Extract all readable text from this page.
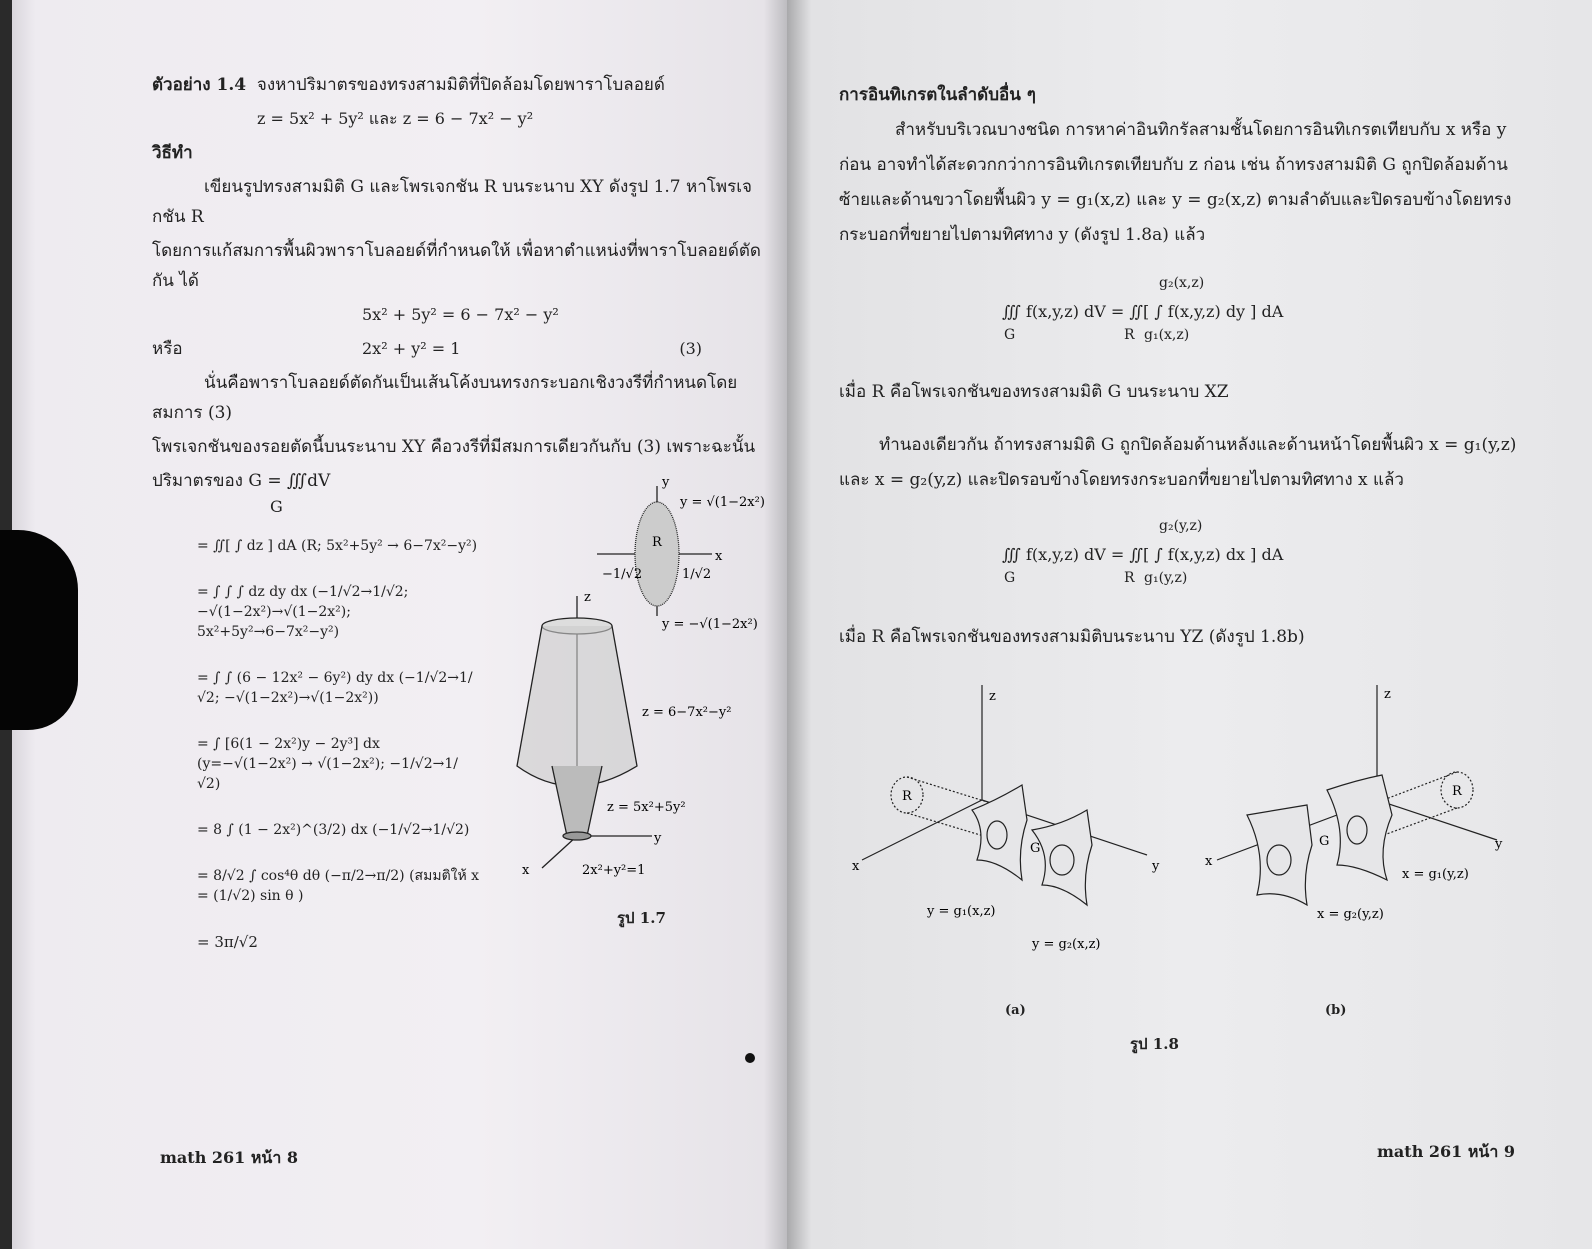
ตัวอย่าง 1.4 จงหาปริมาตรของทรงสามมิติที่ปิดล้อมโดยพาราโบลอยด์
z = 5x² + 5y² และ z = 6 − 7x² − y²
วิธีทำ
เขียนรูปทรงสามมิติ G และโพรเจกชัน R บนระนาบ XY ดังรูป 1.7 หาโพรเจกชัน R
โดยการแก้สมการพื้นผิวพาราโบลอยด์ที่กำหนดให้ เพื่อหาตำแหน่งที่พาราโบลอยด์ตัดกัน ได้
5x² + 5y² = 6 − 7x² − y²
หรือ	2x² + y² = 1	(3)
นั่นคือพาราโบลอยด์ตัดกันเป็นเส้นโค้งบนทรงกระบอกเชิงวงรีที่กำหนดโดยสมการ (3)
โพรเจกชันของรอยตัดนี้บนระนาบ XY คือวงรีที่มีสมการเดียวกันกับ (3) เพราะฉะนั้น
y
y = √(1−2x²)
x
R
−1/√2	1/√2
y = −√(1−2x²)
z
z = 6−7x²−y²
z = 5x²+5y²
y
x	2x²+y²=1
รูป 1.7
ปริมาตรของ G = ∭dV
G
= ∬[ ∫ dz ] dA (R; 5x²+5y² → 6−7x²−y²)
= ∫ ∫ ∫ dz dy dx (−1/√2→1/√2; −√(1−2x²)→√(1−2x²); 5x²+5y²→6−7x²−y²)
= ∫ ∫ (6 − 12x² − 6y²) dy dx (−1/√2→1/√2; −√(1−2x²)→√(1−2x²))
= ∫ [6(1 − 2x²)y − 2y³] dx (y=−√(1−2x²) → √(1−2x²); −1/√2→1/√2)
= 8 ∫ (1 − 2x²)^(3/2) dx (−1/√2→1/√2)
= 8/√2 ∫ cos⁴θ dθ (−π/2→π/2) (สมมติให้ x = (1/√2) sin θ )
= 3π/√2
math 261 หน้า 8
การอินทิเกรตในลำดับอื่น ๆ
สำหรับบริเวณบางชนิด การหาค่าอินทิกรัลสามชั้นโดยการอินทิเกรตเทียบกับ x หรือ y
ก่อน อาจทำได้สะดวกกว่าการอินทิเกรตเทียบกับ z ก่อน เช่น ถ้าทรงสามมิติ G ถูกปิดล้อมด้าน
ซ้ายและด้านขวาโดยพื้นผิว y = g₁(x,z) และ y = g₂(x,z) ตามลำดับและปิดรอบข้างโดยทรง
กระบอกที่ขยายไปตามทิศทาง y (ดังรูป 1.8a) แล้ว
g₂(x,z)
∭ f(x,y,z) dV = ∬[ ∫ f(x,y,z) dy ] dA
G	R g₁(x,z)
เมื่อ R คือโพรเจกชันของทรงสามมิติ G บนระนาบ XZ
ทำนองเดียวกัน ถ้าทรงสามมิติ G ถูกปิดล้อมด้านหลังและด้านหน้าโดยพื้นผิว x = g₁(y,z)
และ x = g₂(y,z) และปิดรอบข้างโดยทรงกระบอกที่ขยายไปตามทิศทาง x แล้ว
g₂(y,z)
∭ f(x,y,z) dV = ∬[ ∫ f(x,y,z) dx ] dA
G	R g₁(y,z)
เมื่อ R คือโพรเจกชันของทรงสามมิติบนระนาบ YZ (ดังรูป 1.8b)
z
x	y
R
G
y = g₁(x,z)
y = g₂(x,z)
z
x
y
R
G
x = g₁(y,z)
x = g₂(y,z)
(a)	(b)
รูป 1.8
math 261 หน้า 9
